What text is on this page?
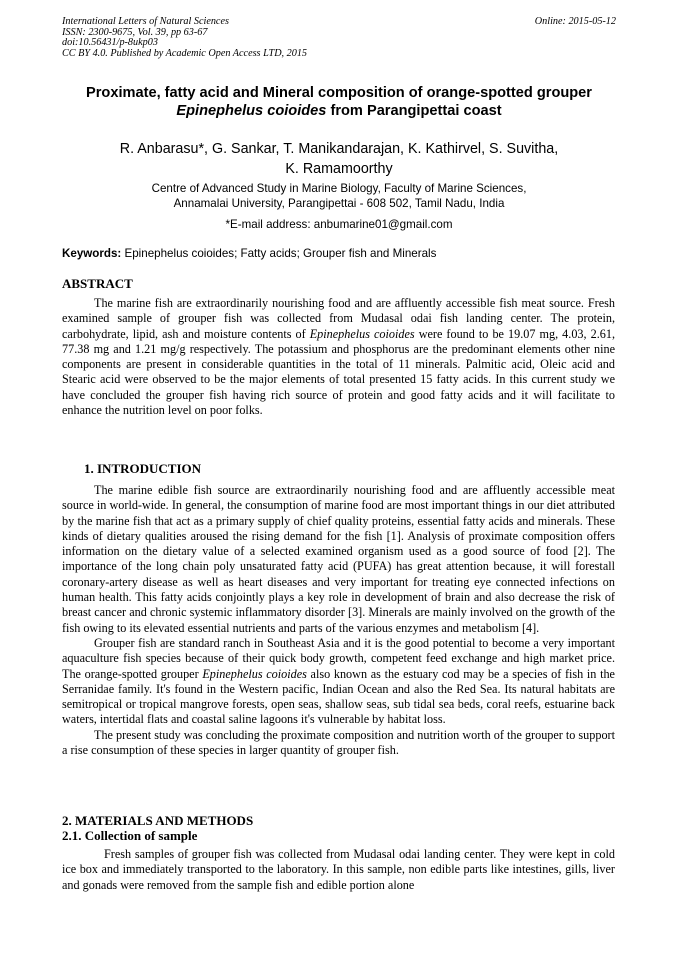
International Letters of Natural Sciences
ISSN: 2300-9675, Vol. 39, pp 63-67
doi:10.56431/p-8ukp03
CC BY 4.0. Published by Academic Open Access LTD, 2015
Online: 2015-05-12
Proximate, fatty acid and Mineral composition of orange-spotted grouper Epinephelus coioides from Parangipettai coast
R. Anbarasu*, G. Sankar, T. Manikandarajan, K. Kathirvel, S. Suvitha,
K. Ramamoorthy
Centre of Advanced Study in Marine Biology, Faculty of Marine Sciences,
Annamalai University, Parangipettai - 608 502, Tamil Nadu, India
*E-mail address: anbumarine01@gmail.com
Keywords: Epinephelus coioides; Fatty acids; Grouper fish and Minerals
ABSTRACT

The marine fish are extraordinarily nourishing food and are affluently accessible fish meat source. Fresh examined sample of grouper fish was collected from Mudasal odai fish landing center. The protein, carbohydrate, lipid, ash and moisture contents of Epinephelus coioides were found to be 19.07 mg, 4.03, 2.61, 77.38 mg and 1.21 mg/g respectively. The potassium and phosphorus are the predominant elements other nine components are present in considerable quantities in the total of 11 minerals. Palmitic acid, Oleic acid and Stearic acid were observed to be the major elements of total presented 15 fatty acids. In this current study we have concluded the grouper fish having rich source of protein and good fatty acids and it will facilitate to enhance the nutrition level on poor folks.

1. INTRODUCTION

The marine edible fish source are extraordinarily nourishing food and are affluently accessible meat source in world-wide. In general, the consumption of marine food are most important things in our diet attributed by the marine fish that act as a primary supply of chief quality proteins, essential fatty acids and minerals. These kinds of dietary qualities aroused the rising demand for the fish [1]. Analysis of proximate composition offers information on the dietary value of a selected examined organism used as a good source of food [2]. The importance of the long chain poly unsaturated fatty acid (PUFA) has great attention because, it will forestall coronary-artery disease as well as heart diseases and very important for treating eye connected infections on human health. This fatty acids conjointly plays a key role in development of brain and also decrease the risk of breast cancer and chronic systemic inflammatory disorder [3]. Minerals are mainly involved on the growth of the fish owing to its elevated essential nutrients and parts of the various enzymes and metabolism [4].

Grouper fish are standard ranch in Southeast Asia and it is the good potential to become a very important aquaculture fish species because of their quick body growth, competent feed exchange and high market price. The orange-spotted grouper Epinephelus coioides also known as the estuary cod may be a species of fish in the Serranidae family. It's found in the Western pacific, Indian Ocean and also the Red Sea. Its natural habitats are semitropical or tropical mangrove forests, open seas, shallow seas, sub tidal sea beds, coral reefs, estuarine back waters, intertidal flats and coastal saline lagoons it's vulnerable by habitat loss.

The present study was concluding the proximate composition and nutrition worth of the grouper to support a rise consumption of these species in larger quantity of grouper fish.

2. MATERIALS AND METHODS
2.1. Collection of sample

Fresh samples of grouper fish was collected from Mudasal odai landing center. They were kept in cold ice box and immediately transported to the laboratory. In this sample, non edible parts like intestines, gills, liver and gonads were removed from the sample fish and edible portion alone
